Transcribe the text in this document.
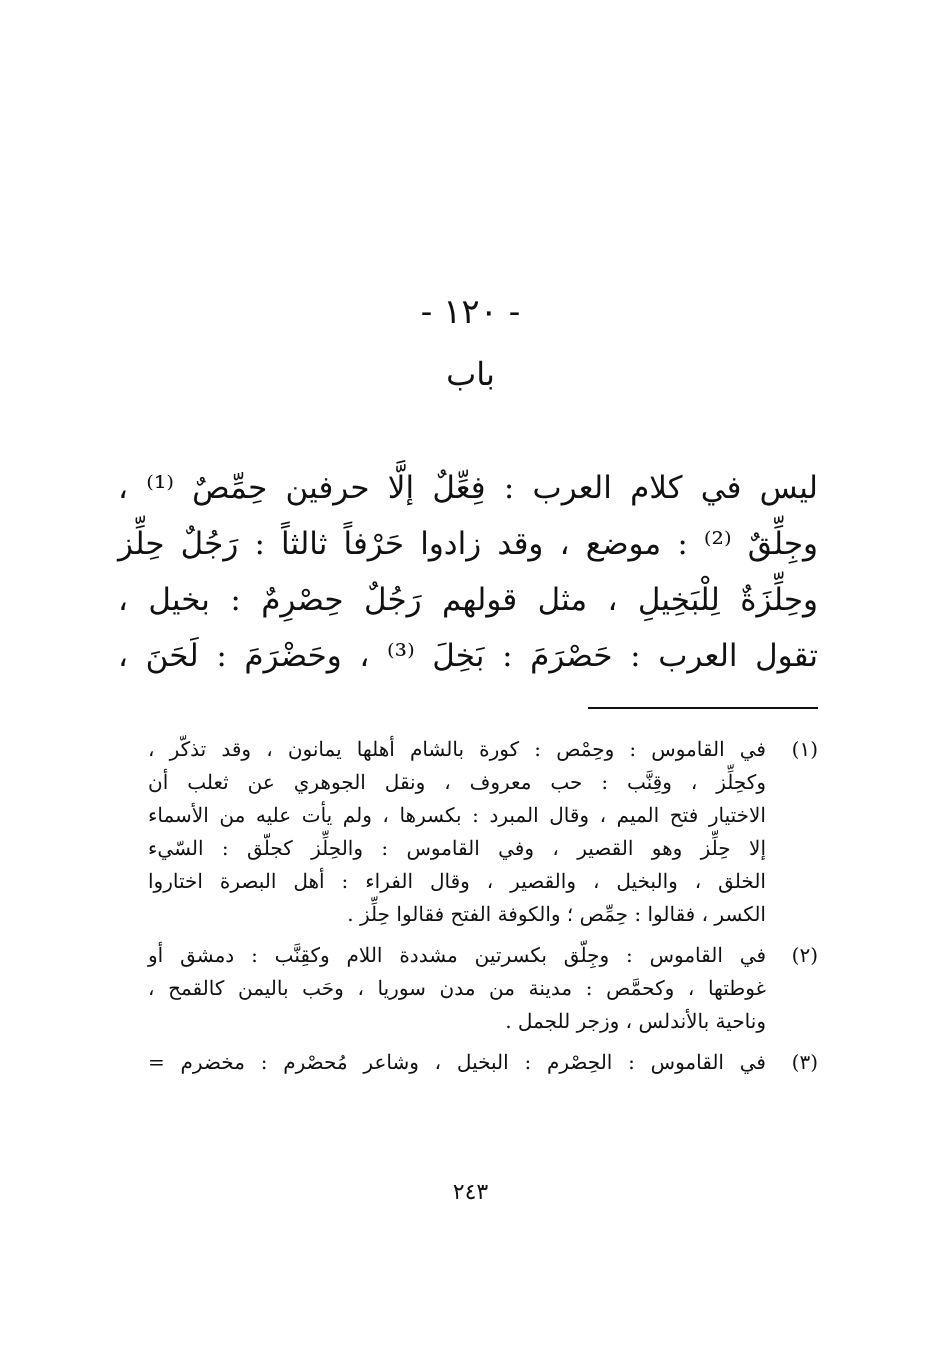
- ١٢٠ -
باب
ليس في كلام العرب : فِعِّلٌ إلَّا حرفين حِمِّصٌ ⁽¹⁾ ،
وجِلِّقٌ ⁽²⁾ : موضع ، وقد زادوا حَرْفاً ثالثاً : رَجُلٌ حِلِّز
وحِلِّزَةٌ لِلْبَخِيلِ ، مثل قولهم رَجُلٌ حِصْرِمٌ : بخيل ،
تقول العرب : حَصْرَمَ : بَخِلَ ⁽³⁾ ، وحَضْرَمَ : لَحَنَ ،
(١)
في القاموس : وحِمْص : كورة بالشام أهلها يمانون ، وقد تذكّر ،
وكحِلِّز ، وقِنَّب : حب معروف ، ونقل الجوهري عن ثعلب أن
الاختيار فتح الميم ، وقال المبرد : بكسرها ، ولم يأت عليه من الأسماء
إلا حِلِّز وهو القصير ، وفي القاموس : والحِلِّز كجلّق : السّيء
الخلق ، والبخيل ، والقصير ، وقال الفراء : أهل البصرة اختاروا
الكسر ، فقالوا : حِمِّص ؛ والكوفة الفتح فقالوا حِلِّز .
(٢)
في القاموس : وجِلّق بكسرتين مشددة اللام وكقِنَّب : دمشق أو
غوطتها ، وكحمَّص : مدينة من مدن سوريا ، وحَب باليمن كالقمح ،
وناحية بالأندلس ، وزجر للجمل .
(٣)
في القاموس : الحِصْرم : البخيل ، وشاعر مُحصْرم : مخضرم =
٢٤٣
